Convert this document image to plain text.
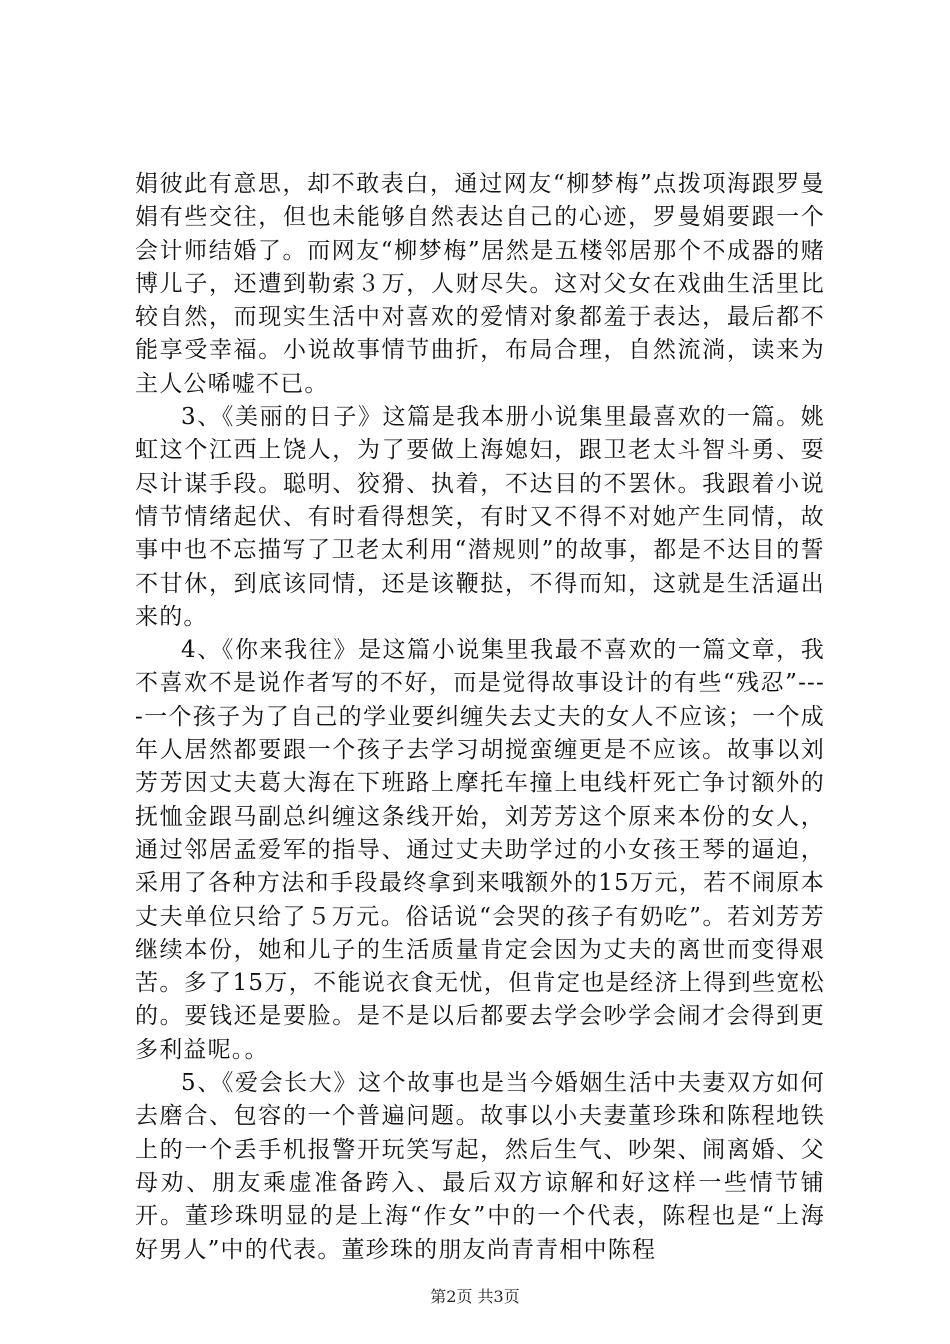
娟彼此有意思，却不敢表白，通过网友“柳梦梅”点拨项海跟罗曼娟有些交往，但也未能够自然表达自己的心迹，罗曼娟要跟一个会计师结婚了。而网友“柳梦梅”居然是五楼邻居那个不成器的赌博儿子，还遭到勒索３万，人财尽失。这对父女在戏曲生活里比较自然，而现实生活中对喜欢的爱情对象都羞于表达，最后都不能享受幸福。小说故事情节曲折，布局合理，自然流淌，读来为主人公唏嘘不已。

3、《美丽的日子》这篇是我本册小说集里最喜欢的一篇。姚虹这个江西上饶人，为了要做上海媳妇，跟卫老太斗智斗勇、耍尽计谋手段。聪明、狡猾、执着，不达目的不罢休。我跟着小说情节情绪起伏、有时看得想笑，有时又不得不对她产生同情，故事中也不忘描写了卫老太利用“潜规则”的故事，都是不达目的誓不甘休，到底该同情，还是该鞭挞，不得而知，这就是生活逼出来的。

4、《你来我往》是这篇小说集里我最不喜欢的一篇文章，我不喜欢不是说作者写的不好，而是觉得故事设计的有些“残忍”----一个孩子为了自己的学业要纠缠失去丈夫的女人不应该；一个成年人居然都要跟一个孩子去学习胡搅蛮缠更是不应该。故事以刘芳芳因丈夫葛大海在下班路上摩托车撞上电线杆死亡争讨额外的抚恤金跟马副总纠缠这条线开始，刘芳芳这个原来本份的女人，通过邻居孟爱军的指导、通过丈夫助学过的小女孩王琴的逼迫，采用了各种方法和手段最终拿到来哦额外的15万元，若不闹原本丈夫单位只给了５万元。俗话说“会哭的孩子有奶吃”。若刘芳芳继续本份，她和儿子的生活质量肯定会因为丈夫的离世而变得艰苦。多了15万，不能说衣食无忧，但肯定也是经济上得到些宽松的。要钱还是要脸。是不是以后都要去学会吵学会闹才会得到更多利益呢。。

5、《爱会长大》这个故事也是当今婚姻生活中夫妻双方如何去磨合、包容的一个普遍问题。故事以小夫妻董珍珠和陈程地铁上的一个丢手机报警开玩笑写起，然后生气、吵架、闹离婚、父母劝、朋友乘虚准备跨入、最后双方谅解和好这样一些情节铺开。董珍珠明显的是上海“作女”中的一个代表，陈程也是“上海好男人”中的代表。董珍珠的朋友尚青青相中陈程

第2页 共3页
